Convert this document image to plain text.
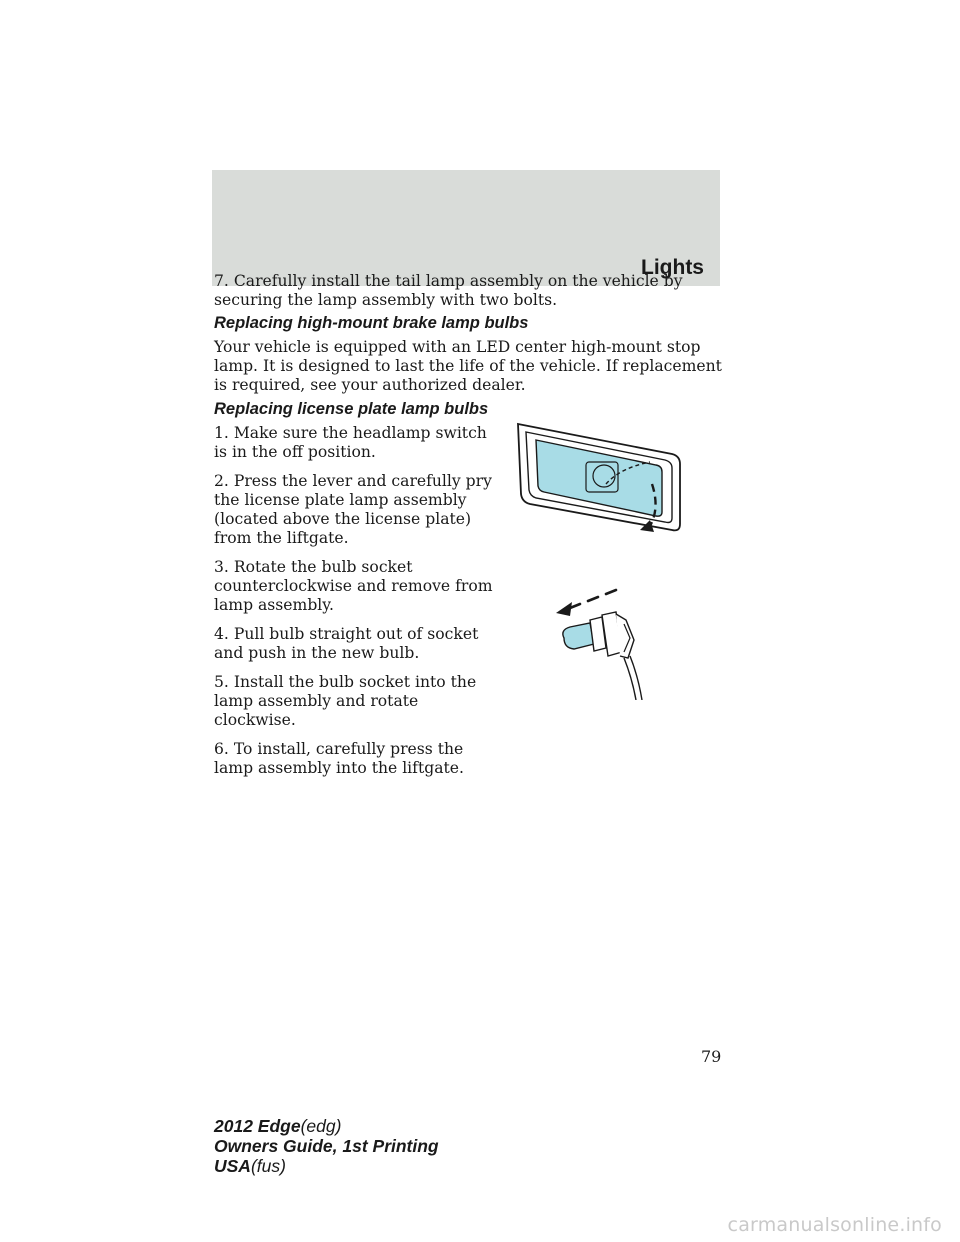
Lights

7. Carefully install the tail lamp assembly on the vehicle by securing the lamp assembly with two bolts.

Replacing high-mount brake lamp bulbs

Your vehicle is equipped with an LED center high-mount stop lamp. It is designed to last the life of the vehicle. If replacement is required, see your authorized dealer.

Replacing license plate lamp bulbs

1. Make sure the headlamp switch is in the off position.
2. Press the lever and carefully pry the license plate lamp assembly (located above the license plate) from the liftgate.
3. Rotate the bulb socket counterclockwise and remove from lamp assembly.
4. Pull bulb straight out of socket and push in the new bulb.
5. Install the bulb socket into the lamp assembly and rotate clockwise.
6. To install, carefully press the lamp assembly into the liftgate.
79
2012 Edge(edg)
Owners Guide, 1st Printing
USA(fus)
carmanualsonline.info
